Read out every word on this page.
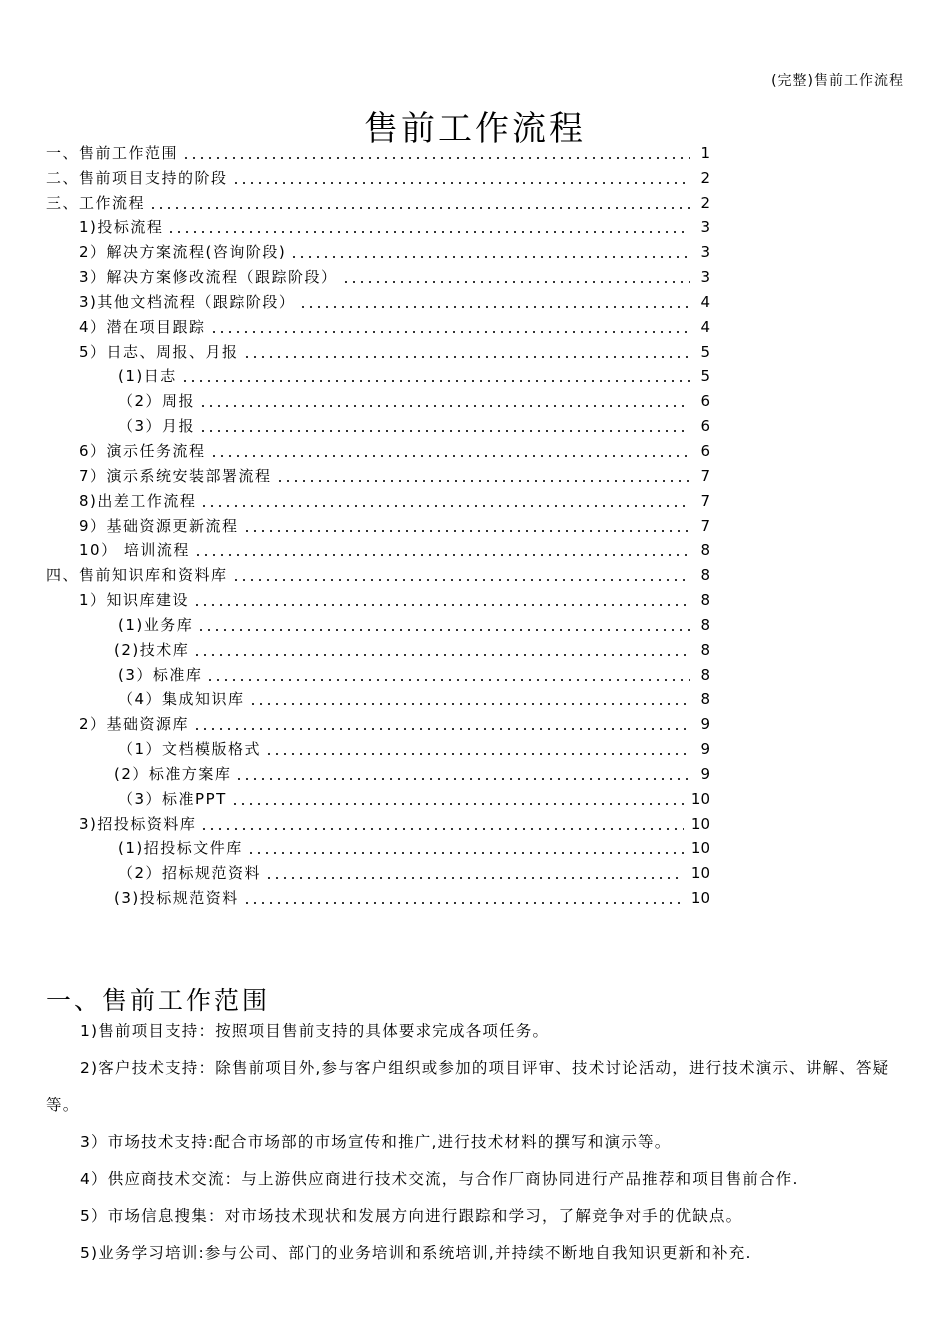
(完整)售前工作流程
售前工作流程
一、售前工作范围	1
二、售前项目支持的阶段	2
三、工作流程	2
1)投标流程	3
2）解决方案流程(咨询阶段)	3
3）解决方案修改流程（跟踪阶段）	3
3)其他文档流程（跟踪阶段）	4
4）潜在项目跟踪	4
5）日志、周报、月报	5
(1)日志	5
（2）周报	6
（3）月报	6
6）演示任务流程	6
7）演示系统安装部署流程	7
8)出差工作流程	7
9）基础资源更新流程	7
10） 培训流程	8
四、售前知识库和资料库	8
1）知识库建设	8
(1)业务库	8
(2)技术库	8
(3）标准库	8
（4）集成知识库	8
2）基础资源库	9
（1）文档模版格式	9
(2）标准方案库	9
（3）标准PPT	10
3)招投标资料库	10
(1)招投标文件库	10
（2）招标规范资料	10
(3)投标规范资料	10
一、售前工作范围

1)售前项目支持：按照项目售前支持的具体要求完成各项任务。

2)客户技术支持：除售前项目外,参与客户组织或参加的项目评审、技术讨论活动，进行技术演示、讲解、答疑等。

3）市场技术支持:配合市场部的市场宣传和推广,进行技术材料的撰写和演示等。

4）供应商技术交流：与上游供应商进行技术交流，与合作厂商协同进行产品推荐和项目售前合作.

5）市场信息搜集：对市场技术现状和发展方向进行跟踪和学习，了解竞争对手的优缺点。

5)业务学习培训:参与公司、部门的业务培训和系统培训,并持续不断地自我知识更新和补充.
